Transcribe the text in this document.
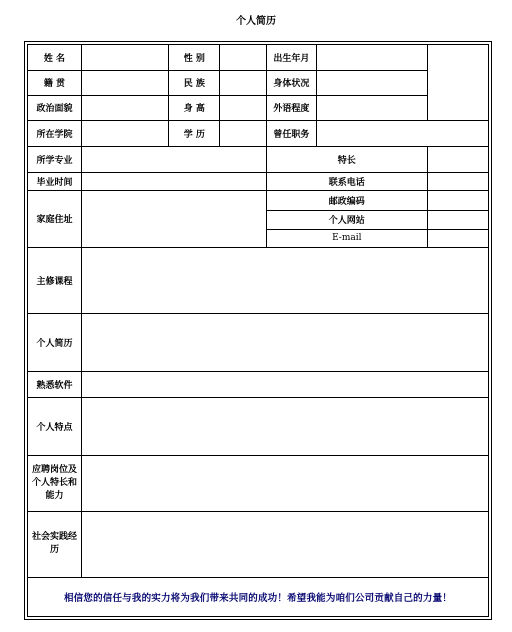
个人简历
姓 名		性 别		出生年月		
籍 贯		民 族		身体状况		
政治面貌		身 高		外语程度		
所在学院		学 历		曾任职务		
所学专业				特长		
毕业时间				联系电话		
家庭住址				邮政编码		
				个人网站		
				E-mail		
主修课程						
个人简历						
熟悉软件						
个人特点						
应聘岗位及个人特长和能力						
社会实践经历						
相信您的信任与我的实力将为我们带来共同的成功！希望我能为咱们公司贡献自己的力量！						
